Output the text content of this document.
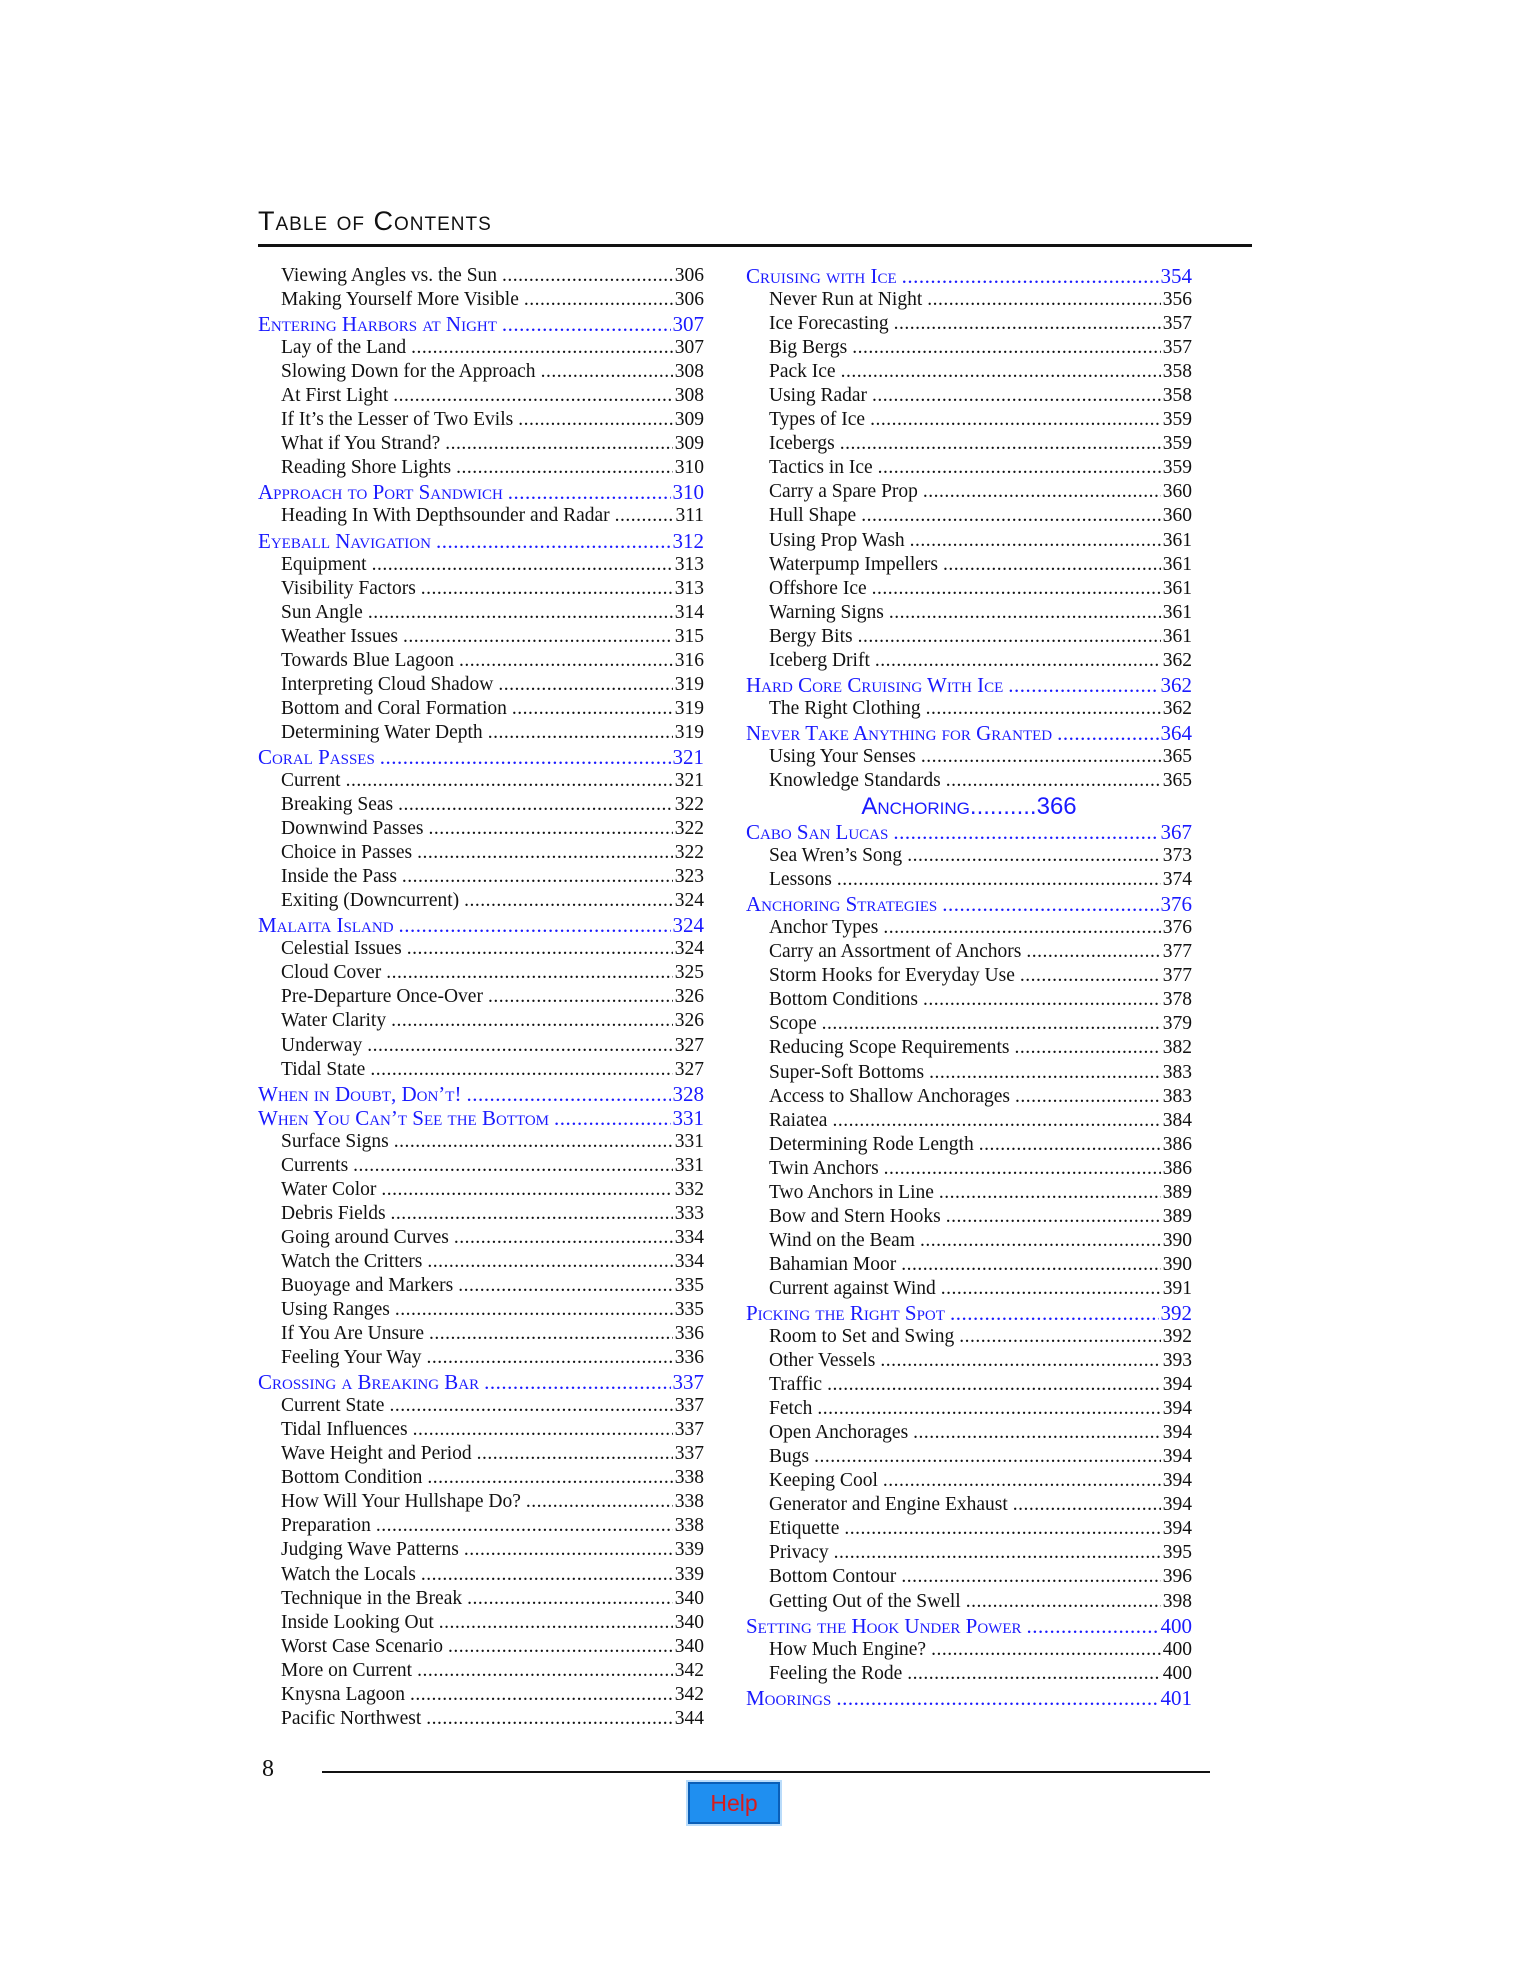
Table of Contents
Viewing Angles vs. the Sun .....	306
Making Yourself More Visible .....	306
Entering Harbors at Night .....	307
Lay of the Land .....	307
Slowing Down for the Approach .....	308
At First Light .....	308
If It’s the Lesser of Two Evils .....	309
What if You Strand? .....	309
Reading Shore Lights .....	310
Approach to Port Sandwich .....	310
Heading In With Depthsounder and Radar .....	311
Eyeball Navigation .....	312
Equipment .....	313
Visibility Factors .....	313
Sun Angle .....	314
Weather Issues .....	315
Towards Blue Lagoon .....	316
Interpreting Cloud Shadow .....	319
Bottom and Coral Formation .....	319
Determining Water Depth .....	319
Coral Passes .....	321
Current .....	321
Breaking Seas .....	322
Downwind Passes .....	322
Choice in Passes .....	322
Inside the Pass .....	323
Exiting (Downcurrent) .....	324
Malaita Island .....	324
Celestial Issues .....	324
Cloud Cover .....	325
Pre-Departure Once-Over .....	326
Water Clarity .....	326
Underway .....	327
Tidal State .....	327
When in Doubt, Don’t! .....	328
When You Can’t See the Bottom .....	331
Surface Signs .....	331
Currents .....	331
Water Color .....	332
Debris Fields .....	333
Going around Curves .....	334
Watch the Critters .....	334
Buoyage and Markers .....	335
Using Ranges .....	335
If You Are Unsure .....	336
Feeling Your Way .....	336
Crossing a Breaking Bar .....	337
Current State .....	337
Tidal Influences .....	337
Wave Height and Period .....	337
Bottom Condition .....	338
How Will Your Hullshape Do? .....	338
Preparation .....	338
Judging Wave Patterns .....	339
Watch the Locals .....	339
Technique in the Break .....	340
Inside Looking Out .....	340
Worst Case Scenario .....	340
More on Current .....	342
Knysna Lagoon .....	342
Pacific Northwest .....	344
Cruising with Ice .....	354
Never Run at Night .....	356
Ice Forecasting .....	357
Big Bergs .....	357
Pack Ice .....	358
Using Radar .....	358
Types of Ice .....	359
Icebergs .....	359
Tactics in Ice .....	359
Carry a Spare Prop .....	360
Hull Shape .....	360
Using Prop Wash .....	361
Waterpump Impellers .....	361
Offshore Ice .....	361
Warning Signs .....	361
Bergy Bits .....	361
Iceberg Drift .....	362
Hard Core Cruising With Ice .....	362
The Right Clothing .....	362
Never Take Anything for Granted .....	364
Using Your Senses .....	365
Knowledge Standards .....	365
Anchoring .....	366
Cabo San Lucas .....	367
Sea Wren’s Song .....	373
Lessons .....	374
Anchoring Strategies .....	376
Anchor Types .....	376
Carry an Assortment of Anchors .....	377
Storm Hooks for Everyday Use .....	377
Bottom Conditions .....	378
Scope .....	379
Reducing Scope Requirements .....	382
Super-Soft Bottoms .....	383
Access to Shallow Anchorages .....	383
Raiatea .....	384
Determining Rode Length .....	386
Twin Anchors .....	386
Two Anchors in Line .....	389
Bow and Stern Hooks .....	389
Wind on the Beam .....	390
Bahamian Moor .....	390
Current against Wind .....	391
Picking the Right Spot .....	392
Room to Set and Swing .....	392
Other Vessels .....	393
Traffic .....	394
Fetch .....	394
Open Anchorages .....	394
Bugs .....	394
Keeping Cool .....	394
Generator and Engine Exhaust .....	394
Etiquette .....	394
Privacy .....	395
Bottom Contour .....	396
Getting Out of the Swell .....	398
Setting the Hook Under Power .....	400
How Much Engine? .....	400
Feeling the Rode .....	400
Moorings .....	401
8
Help
